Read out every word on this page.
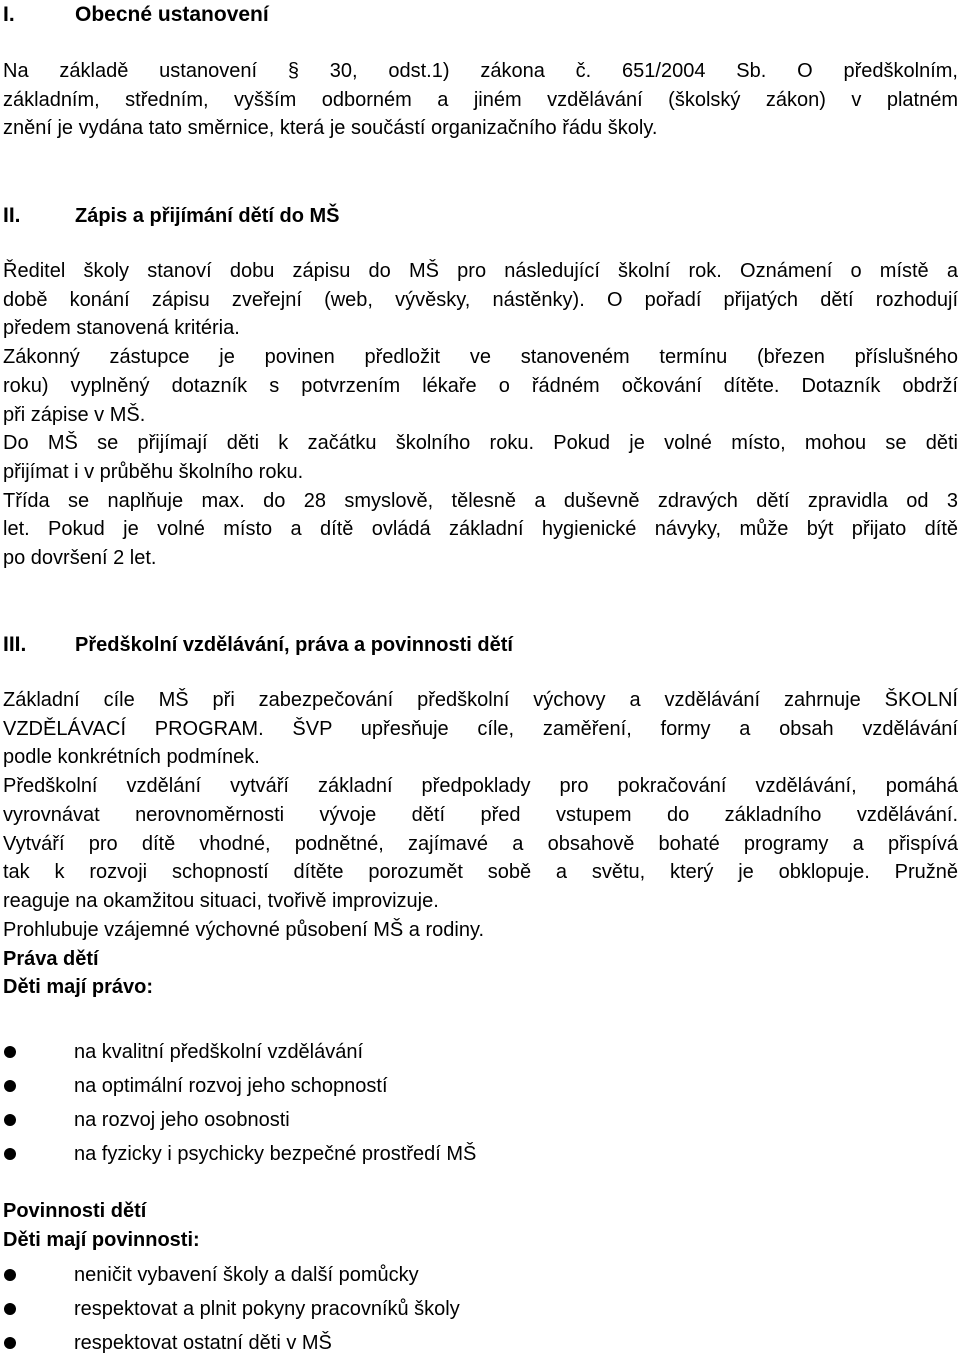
I.	Obecné ustanovení
Na základě ustanovení § 30, odst.1) zákona č. 651/2004 Sb. O předškolním,
základním, středním, vyšším odborném a jiném vzdělávání (školský zákon) v platném
znění je vydána tato směrnice, která je součástí organizačního řádu školy.
II.	Zápis a přijímání dětí do MŠ
Ředitel školy stanoví dobu zápisu do MŠ pro následující školní rok. Oznámení o místě a
době konání zápisu zveřejní (web, vývěsky, nástěnky). O pořadí přijatých dětí rozhodují
předem stanovená kritéria.
Zákonný zástupce je povinen předložit ve stanoveném termínu (březen příslušného
roku) vyplněný dotazník s potvrzením lékaře o řádném očkování dítěte. Dotazník obdrží
při zápise v MŠ.
Do MŠ se přijímají děti k začátku školního roku. Pokud je volné místo, mohou se děti
přijímat i v průběhu školního roku.
Třída se naplňuje max. do 28 smyslově, tělesně a duševně zdravých dětí zpravidla od 3
let. Pokud je volné místo a dítě ovládá základní hygienické návyky, může být přijato dítě
po dovršení 2 let.
III. Předškolní vzdělávání, práva a povinnosti dětí
Základní cíle MŠ při zabezpečování předškolní výchovy a vzdělávání zahrnuje ŠKOLNÍ
VZDĚLÁVACÍ PROGRAM. ŠVP upřesňuje cíle, zaměření, formy a obsah vzdělávání
podle konkrétních podmínek.
Předškolní vzdělání vytváří základní předpoklady pro pokračování vzdělávání, pomáhá
vyrovnávat nerovnoměrnosti vývoje dětí před vstupem do základního vzdělávání.
Vytváří pro dítě vhodné, podnětné, zajímavé a obsahově bohaté programy a přispívá
tak k rozvoji schopností dítěte porozumět sobě a světu, který je obklopuje. Pružně
reaguje na okamžitou situaci, tvořivě improvizuje.
Prohlubuje vzájemné výchovné působení MŠ a rodiny.
Práva dětí
Děti mají právo:
na kvalitní předškolní vzdělávání
na optimální rozvoj jeho schopností
na rozvoj jeho osobnosti
na fyzicky i psychicky bezpečné prostředí MŠ
Povinnosti dětí
Děti mají povinnosti:
neničit vybavení školy a další pomůcky
respektovat a plnit pokyny pracovníků školy
respektovat ostatní děti v MŠ
